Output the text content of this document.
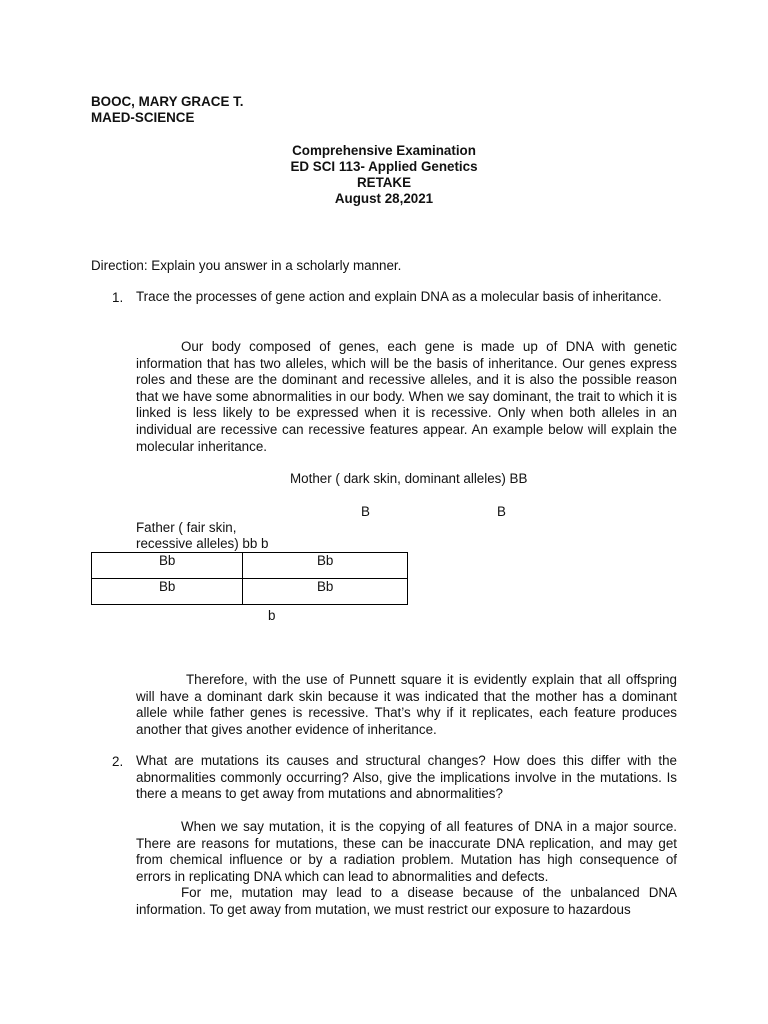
BOOC, MARY GRACE T.
MAED-SCIENCE
Comprehensive Examination
ED SCI 113- Applied Genetics
RETAKE
August 28,2021
Direction: Explain you answer in a scholarly manner.
1. Trace the processes of gene action and explain DNA as a molecular basis of inheritance.
Our body composed of genes, each gene is made up of DNA with genetic information that has two alleles, which will be the basis of inheritance. Our genes express roles and these are the dominant and recessive alleles, and it is also the possible reason that we have some abnormalities in our body. When we say dominant, the trait to which it is linked is less likely to be expressed when it is recessive. Only when both alleles in an individual are recessive can recessive features appear. An example below will explain the molecular inheritance.
Mother ( dark skin, dominant alleles) BB
B	B
Father ( fair skin,
recessive alleles) bb b
Bb	Bb

Bb	Bb
b
Therefore, with the use of Punnett square it is evidently explain that all offspring will have a dominant dark skin because it was indicated that the mother has a dominant allele while father genes is recessive. That’s why if it replicates, each feature produces another that gives another evidence of inheritance.
2. What are mutations its causes and structural changes? How does this differ with the abnormalities commonly occurring? Also, give the implications involve in the mutations. Is there a means to get away from mutations and abnormalities?
When we say mutation, it is the copying of all features of DNA in a major source. There are reasons for mutations, these can be inaccurate DNA replication, and may get from chemical influence or by a radiation problem. Mutation has high consequence of errors in replicating DNA which can lead to abnormalities and defects.
For me, mutation may lead to a disease because of the unbalanced DNA information. To get away from mutation, we must restrict our exposure to hazardous
